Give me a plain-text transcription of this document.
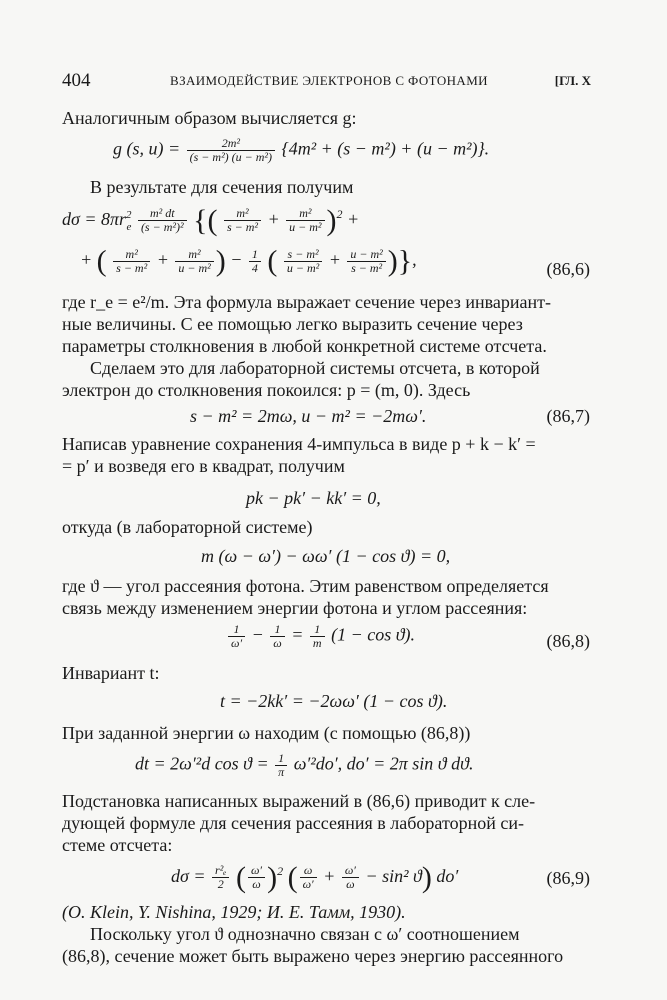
404	ВЗАИМОДЕЙСТВИЕ ЭЛЕКТРОНОВ С ФОТОНАМИ	[ГЛ. Х
Аналогичным образом вычисляется g:
g (s, $u) = \frac{\text{2m²}}{\text{(s − m²) (u − m²)}} \{4m^2 + (s - m^2) + (u - m^2)\}$.
В результате для сечения получим
$d\sigma = 8\pi r^2_e \frac{\text{m² dt}}{\text{(s − m²)²}}$ {( $\frac{\text{m²}}{\text{s − m²}} + \frac{\text{m²}}{\text{u − m²}} )^2$ +
+ ( $\frac{\text{m²}}{\text{s − m²}} + \frac{\text{m²}}{\text{u − m²}}$ ) − $\frac{1}{4}$ ( $\frac{\text{s − m²}}{\text{u − m²}} + \frac{\text{u − m²}}{\text{s − m²}}$ )},	(86,6)
где r_e = e²/m. Эта формула выражает сечение через инвариант-
ные величины. С ее помощью легко выразить сечение через
параметры столкновения в любой конкретной системе отсчета.
Сделаем это для лабораторной системы отсчета, в которой
электрон до столкновения покоился: p = (m, 0). Здесь
s − m² = 2mω, u − m² = −2mω′.	(86,7)
Написав уравнение сохранения 4-импульса в виде p + k − k′ =
= p′ и возведя его в квадрат, получим
pk − pk′ − kk′ = 0,
откуда (в лабораторной системе)
m (ω − ω′) − ωω′ (1 − cos ϑ) = 0,
где ϑ — угол рассеяния фотона. Этим равенством определяется
связь между изменением энергии фотона и углом рассеяния:
$\frac{1}{\omega'} - \frac{1}{\omega} = \frac{1}{m} (1 - \cos ϑ)$.	(86,8)
Инвариант t:
t = −2kk′ = −2ωω′ (1 − cos ϑ).
При заданной энергии ω находим (с помощью (86,8))
dt = 2ω′²d $\cos ϑ = \frac{1}{\pi} \omega'^2do'$, do′ = 2π sin ϑ dϑ.
Подстановка написанных выражений в (86,6) приводит к сле-
дующей формуле для сечения рассеяния в лабораторной си-
стеме отсчета:
$d\sigma = \frac{\text{r²ₑ}}{2}$ ( $\frac{\omega'}{\omega} )^2$ ( $\frac{\omega}{\omega'} + \frac{\omega'}{\omega} - \sin^2$ ϑ) do′	(86,9)
(O. Klein, Y. Nishina, 1929; И. Е. Тамм, 1930).
Поскольку угол ϑ однозначно связан с ω′ соотношением
(86,8), сечение может быть выражено через энергию рассеянного
